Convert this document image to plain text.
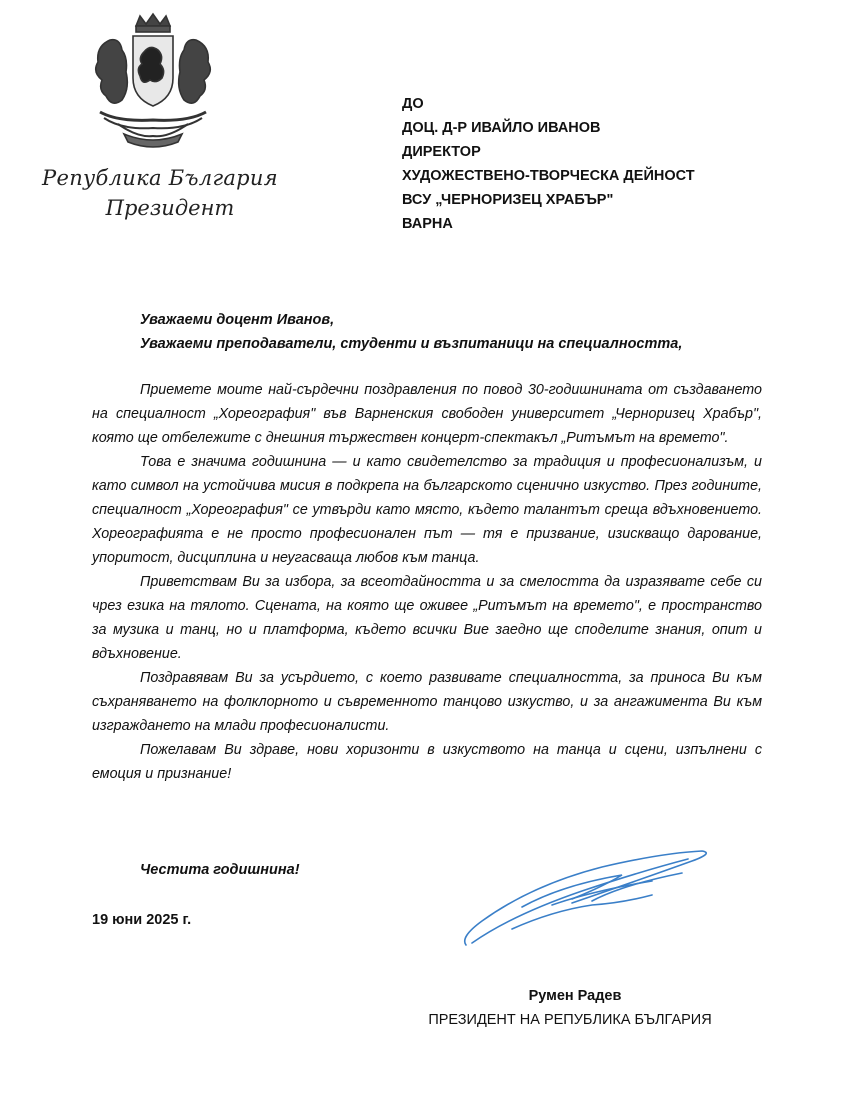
Република България
Президент
ДО
ДОЦ. Д-Р ИВАЙЛО ИВАНОВ
ДИРЕКТОР
ХУДОЖЕСТВЕНО-ТВОРЧЕСКА ДЕЙНОСТ
ВСУ „ЧЕРНОРИЗЕЦ ХРАБЪР"
ВАРНА
Уважаеми доцент Иванов,
Уважаеми преподаватели, студенти и възпитаници на специалността,

Приемете моите най-сърдечни поздравления по повод 30-годишнината от създаването на специалност „Хореография" във Варненския свободен университет „Черноризец Храбър", която ще отбележите с днешния тържествен концерт-спектакъл „Ритъмът на времето".

Това е значима годишнина — и като свидетелство за традиция и професионализъм, и като символ на устойчива мисия в подкрепа на българското сценично изкуство. През годините, специалност „Хореография" се утвърди като място, където талантът среща вдъхновението. Хореографията е не просто професионален път — тя е призвание, изискващо дарование, упоритост, дисциплина и неугасваща любов към танца.

Приветствам Ви за избора, за всеотдайността и за смелостта да изразявате себе си чрез езика на тялото. Сцената, на която ще оживее „Ритъмът на времето", е пространство за музика и танц, но и платформа, където всички Вие заедно ще споделите знания, опит и вдъхновение.

Поздравявам Ви за усърдието, с което развивате специалността, за приноса Ви към съхраняването на фолклорното и съвременното танцово изкуство, и за ангажимента Ви към изграждането на млади професионалисти.

Пожелавам Ви здраве, нови хоризонти в изкуството на танца и сцени, изпълнени с емоция и признание!

Честита годишнина!
19 юни 2025 г.
Румен Радев
ПРЕЗИДЕНТ НА РЕПУБЛИКА БЪЛГАРИЯ
